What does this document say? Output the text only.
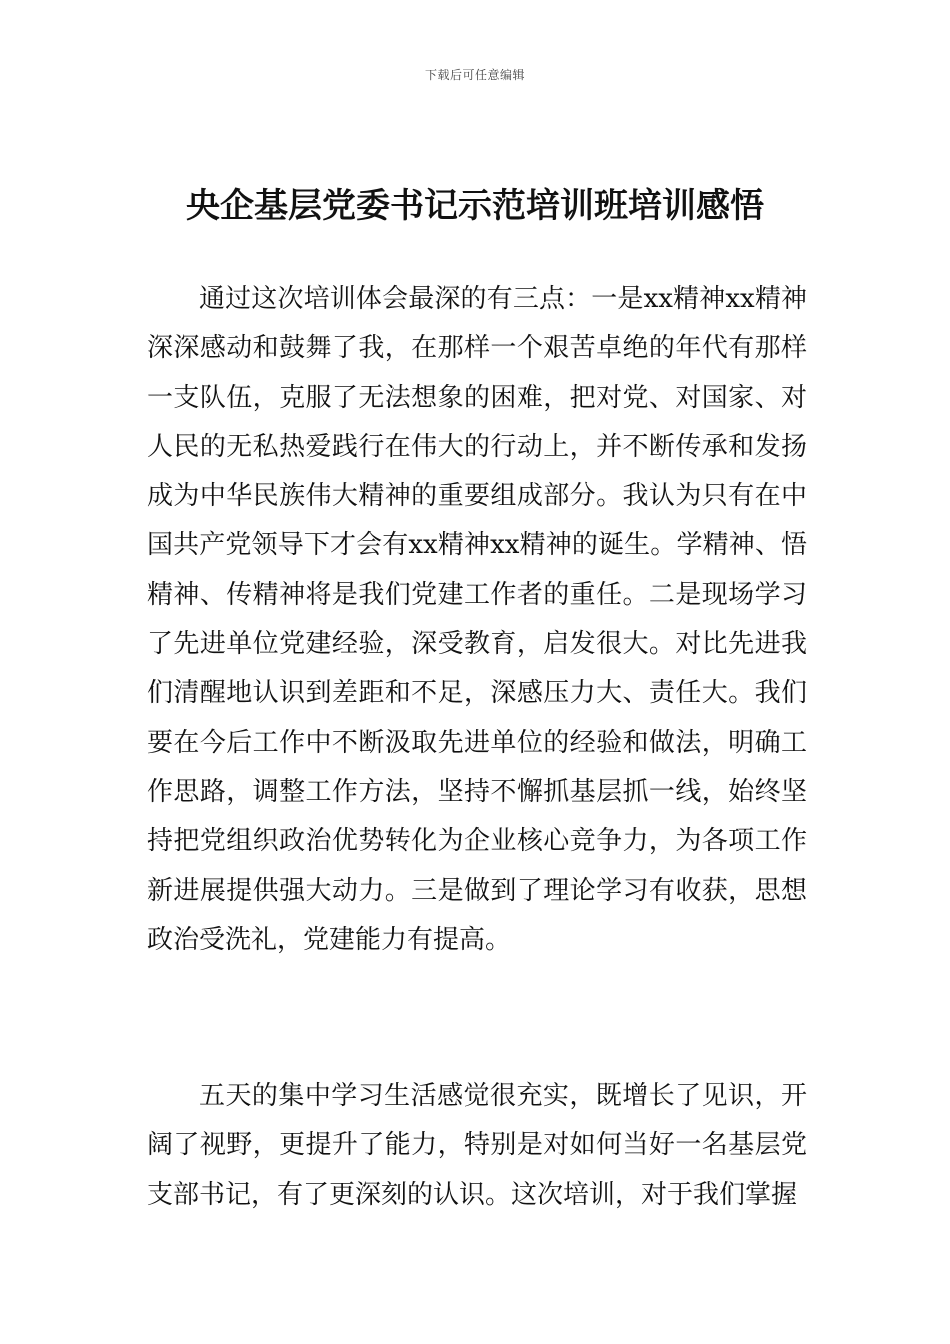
下载后可任意编辑
央企基层党委书记示范培训班培训感悟

通过这次培训体会最深的有三点：一是xx精神xx精神深深感动和鼓舞了我，在那样一个艰苦卓绝的年代有那样一支队伍，克服了无法想象的困难，把对党、对国家、对人民的无私热爱践行在伟大的行动上，并不断传承和发扬成为中华民族伟大精神的重要组成部分。我认为只有在中国共产党领导下才会有xx精神xx精神的诞生。学精神、悟精神、传精神将是我们党建工作者的重任。二是现场学习了先进单位党建经验，深受教育，启发很大。对比先进我们清醒地认识到差距和不足，深感压力大、责任大。我们要在今后工作中不断汲取先进单位的经验和做法，明确工作思路，调整工作方法，坚持不懈抓基层抓一线，始终坚持把党组织政治优势转化为企业核心竞争力，为各项工作新进展提供强大动力。三是做到了理论学习有收获，思想政治受洗礼，党建能力有提高。

五天的集中学习生活感觉很充实，既增长了见识，开阔了视野，更提升了能力，特别是对如何当好一名基层党支部书记，有了更深刻的认识。这次培训，对于我们掌握
